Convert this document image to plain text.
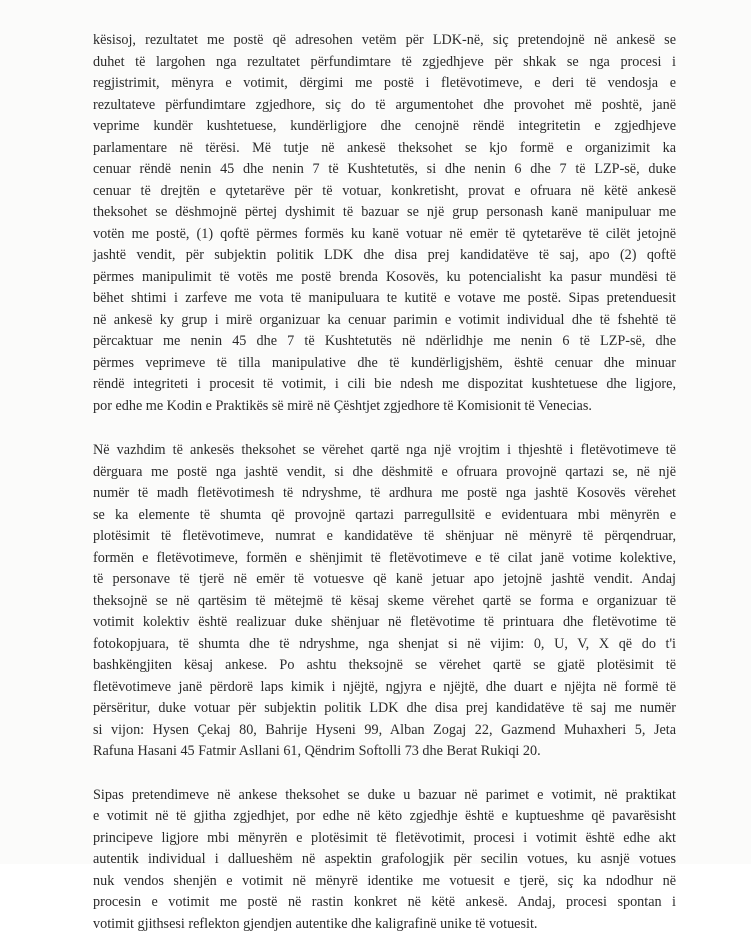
kësisoj, rezultatet me postë që adresohen vetëm për LDK-në, siç pretendojnë në ankesë se
duhet të largohen nga rezultatet përfundimtare të zgjedhjeve për shkak se nga procesi i
regjistrimit, mënyra e votimit, dërgimi me postë i fletëvotimeve, e deri të vendosja e
rezultateve përfundimtare zgjedhore, siç do të argumentohet dhe provohet më poshtë, janë
veprime kundër kushtetuese, kundërligjore dhe cenojnë rëndë integritetin e zgjedhjeve
parlamentare në tërësi. Më tutje në ankesë theksohet se kjo formë e organizimit ka
cenuar rëndë nenin 45 dhe nenin 7 të Kushtetutës, si dhe nenin 6 dhe 7 të LZP-së, duke
cenuar të drejtën e qytetarëve për të votuar, konkretisht, provat e ofruara në këtë ankesë
theksohet se dëshmojnë përtej dyshimit të bazuar se një grup personash kanë manipuluar me
votën me postë, (1) qoftë përmes formës ku kanë votuar në emër të qytetarëve të cilët jetojnë
jashtë vendit, për subjektin politik LDK dhe disa prej kandidatëve të saj, apo (2) qoftë
përmes manipulimit të votës me postë brenda Kosovës, ku potencialisht ka pasur mundësi të
bëhet shtimi i zarfeve me vota të manipuluara te kutitë e votave me postë. Sipas pretenduesit
në ankesë ky grup i mirë organizuar ka cenuar parimin e votimit individual dhe të fshehtë të
përcaktuar me nenin 45 dhe 7 të Kushtetutës në ndërlidhje me nenin 6 të LZP-së, dhe
përmes veprimeve të tilla manipulative dhe të kundërligjshëm, është cenuar dhe minuar
rëndë integriteti i procesit të votimit, i cili bie ndesh me dispozitat kushtetuese dhe ligjore,
por edhe me Kodin e Praktikës së mirë në Çështjet zgjedhore të Komisionit të Venecias.
Në vazhdim të ankesës theksohet se vërehet qartë nga një vrojtim i thjeshtë i fletëvotimeve të
dërguara me postë nga jashtë vendit, si dhe dëshmitë e ofruara provojnë qartazi se, në një
numër të madh fletëvotimesh të ndryshme, të ardhura me postë nga jashtë Kosovës vërehet
se ka elemente të shumta që provojnë qartazi parregullsitë e evidentuara mbi mënyrën e
plotësimit të fletëvotimeve, numrat e kandidatëve të shënjuar në mënyrë të përqendruar,
formën e fletëvotimeve, formën e shënjimit të fletëvotimeve e të cilat janë votime kolektive,
të personave të tjerë në emër të votuesve që kanë jetuar apo jetojnë jashtë vendit. Andaj
theksojnë se në qartësim të mëtejmë të kësaj skeme vërehet qartë se forma e organizuar të
votimit kolektiv është realizuar duke shënjuar në fletëvotime të printuara dhe fletëvotime të
fotokopjuara, të shumta dhe të ndryshme, nga shenjat si në vijim: 0, U, V, X që do t'i
bashkëngjiten kësaj ankese. Po ashtu theksojnë se vërehet qartë se gjatë plotësimit të
fletëvotimeve janë përdorë laps kimik i njëjtë, ngjyra e njëjtë, dhe duart e njëjta në formë të
përsëritur, duke votuar për subjektin politik LDK dhe disa prej kandidatëve të saj me numër
si vijon: Hysen Çekaj 80, Bahrije Hyseni 99, Alban Zogaj 22, Gazmend Muhaxheri 5, Jeta
Rafuna Hasani 45 Fatmir Asllani 61, Qëndrim Softolli 73 dhe Berat Rukiqi 20.
Sipas pretendimeve në ankese theksohet se duke u bazuar në parimet e votimit, në praktikat
e votimit në të gjitha zgjedhjet, por edhe në këto zgjedhje është e kuptueshme që pavarësisht
principeve ligjore mbi mënyrën e plotësimit të fletëvotimit, procesi i votimit është edhe akt
autentik individual i dallueshëm në aspektin grafologjik për secilin votues, ku asnjë votues
nuk vendos shenjën e votimit në mënyrë identike me votuesit e tjerë, siç ka ndodhur në
procesin e votimit me postë në rastin konkret në këtë ankesë. Andaj, procesi spontan i
votimit gjithsesi reflekton gjendjen autentike dhe kaligrafinë unike të votuesit.
